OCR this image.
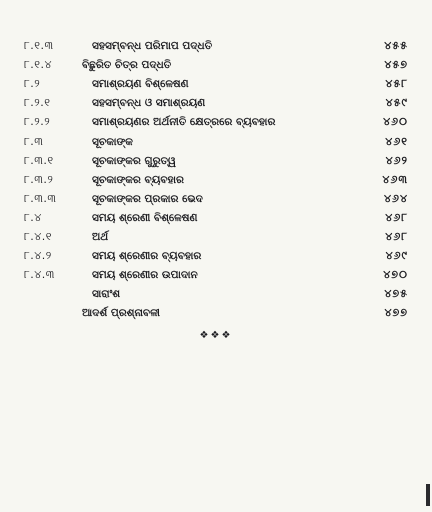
୮.୧.୩	ସହସମ୍ବନ୍ଧ ପରିମାପ ପଦ୍ଧତି	୪୫୫
୮.୧.୪	ବିଛୁରିତ ଚିତ୍ର ପଦ୍ଧତି	୪୫୭
୮.୨	ସମାଶ୍ରୟଣ ବିଶ୍ଳେଷଣ	୪୫୮
୮.୨.୧	ସହସମ୍ବନ୍ଧ ଓ ସମାଶ୍ରୟଣ	୪୫୯
୮.୨.୨	ସମାଶ୍ରୟଣର ଅର୍ଥନୀତି କ୍ଷେତ୍ରରେ ବ୍ୟବହାର	୪୬୦
୮.୩	ସୂଚକାଙ୍କ	୪୬୧
୮.୩.୧	ସୂଚକାଙ୍କର ଗୁରୁତ୍ୱ	୪୬୨
୮.୩.୨	ସୂଚକାଙ୍କର ବ୍ୟବହାର	୪୬୩
୮.୩.୩	ସୂଚକାଙ୍କର ପ୍ରକାର ଭେଦ	୪୬୪
୮.୪	ସମୟ ଶ୍ରେଣୀ ବିଶ୍ଳେଷଣ	୪୬୮
୮.୪.୧	ଅର୍ଥ	୪୬୮
୮.୪.୨	ସମୟ ଶ୍ରେଣୀର ବ୍ୟବହାର	୪୬୯
୮.୪.୩	ସମୟ ଶ୍ରେଣୀର ଉପାଦାନ	୪୭୦
ସାରାଂଶ	୪୭୫
ଆଦର୍ଶ ପ୍ରଶ୍ନାବଳୀ	୪୭୭
❖❖❖
